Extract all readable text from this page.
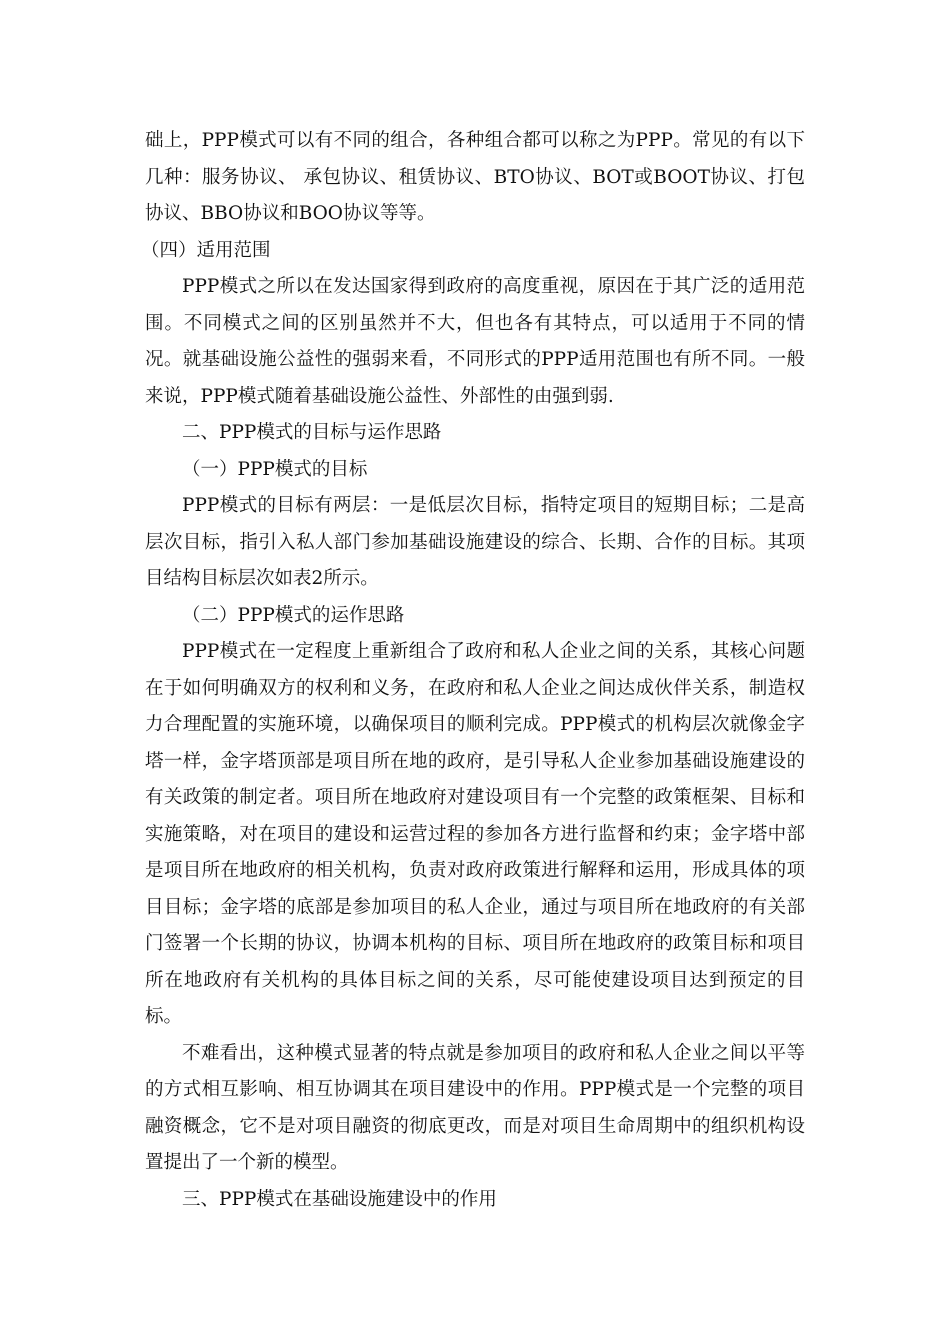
础上，PPP模式可以有不同的组合，各种组合都可以称之为PPP。常见的有以下几种：服务协议、 承包协议、租赁协议、BTO协议、BOT或BOOT协议、打包协议、BBO协议和BOO协议等等。

（四）适用范围

PPP模式之所以在发达国家得到政府的高度重视，原因在于其广泛的适用范围。不同模式之间的区别虽然并不大，但也各有其特点，可以适用于不同的情况。就基础设施公益性的强弱来看，不同形式的PPP适用范围也有所不同。一般来说，PPP模式随着基础设施公益性、外部性的由强到弱.

二、PPP模式的目标与运作思路

（一）PPP模式的目标

PPP模式的目标有两层：一是低层次目标，指特定项目的短期目标；二是高层次目标，指引入私人部门参加基础设施建设的综合、长期、合作的目标。其项目结构目标层次如表2所示。

（二）PPP模式的运作思路

PPP模式在一定程度上重新组合了政府和私人企业之间的关系，其核心问题在于如何明确双方的权利和义务，在政府和私人企业之间达成伙伴关系，制造权力合理配置的实施环境，以确保项目的顺利完成。PPP模式的机构层次就像金字塔一样，金字塔顶部是项目所在地的政府，是引导私人企业参加基础设施建设的有关政策的制定者。项目所在地政府对建设项目有一个完整的政策框架、目标和实施策略，对在项目的建设和运营过程的参加各方进行监督和约束；金字塔中部是项目所在地政府的相关机构，负责对政府政策进行解释和运用，形成具体的项目目标；金字塔的底部是参加项目的私人企业，通过与项目所在地政府的有关部门签署一个长期的协议，协调本机构的目标、项目所在地政府的政策目标和项目所在地政府有关机构的具体目标之间的关系，尽可能使建设项目达到预定的目标。

不难看出，这种模式显著的特点就是参加项目的政府和私人企业之间以平等的方式相互影响、相互协调其在项目建设中的作用。PPP模式是一个完整的项目融资概念，它不是对项目融资的彻底更改，而是对项目生命周期中的组织机构设置提出了一个新的模型。

三、PPP模式在基础设施建设中的作用
